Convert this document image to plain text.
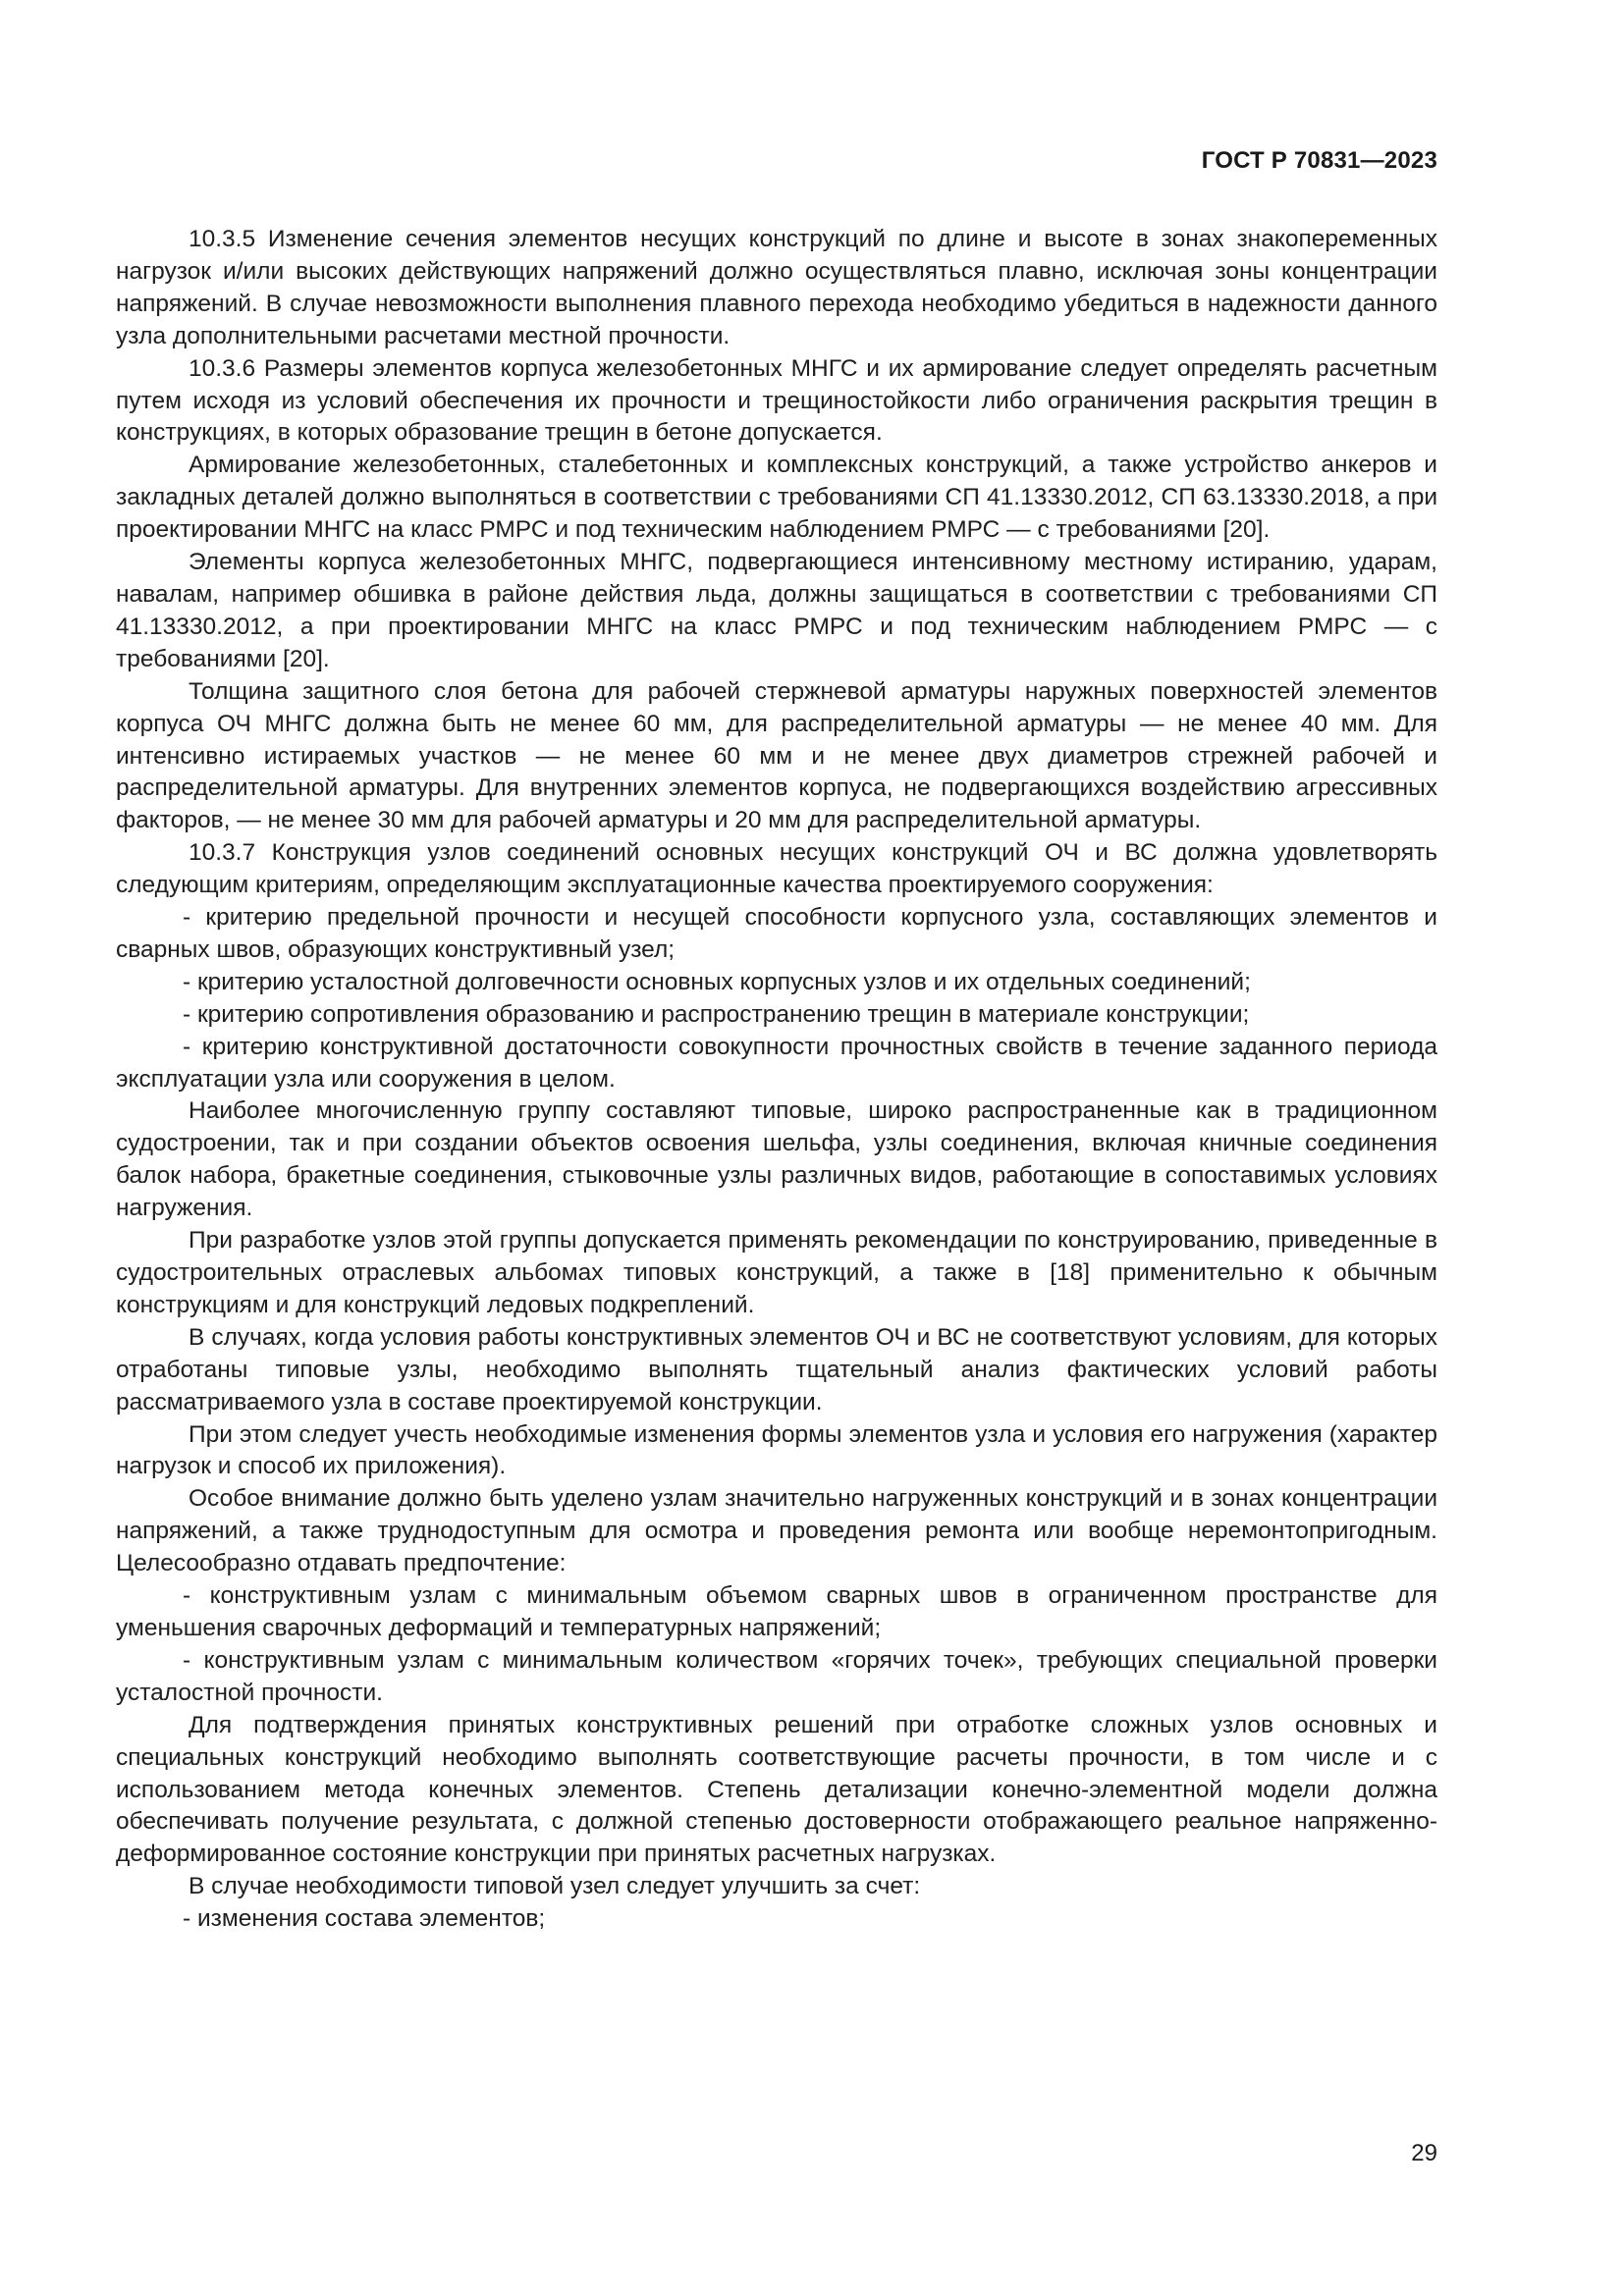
ГОСТ Р 70831—2023

10.3.5 Изменение сечения элементов несущих конструкций по длине и высоте в зонах знакопеременных нагрузок и/или высоких действующих напряжений должно осуществляться плавно, исключая зоны концентрации напряжений. В случае невозможности выполнения плавного перехода необходимо убедиться в надежности данного узла дополнительными расчетами местной прочности.

10.3.6 Размеры элементов корпуса железобетонных МНГС и их армирование следует определять расчетным путем исходя из условий обеспечения их прочности и трещиностойкости либо ограничения раскрытия трещин в конструкциях, в которых образование трещин в бетоне допускается.

Армирование железобетонных, сталебетонных и комплексных конструкций, а также устройство анкеров и закладных деталей должно выполняться в соответствии с требованиями СП 41.13330.2012, СП 63.13330.2018, а при проектировании МНГС на класс РМРС и под техническим наблюдением РМРС — с требованиями [20].

Элементы корпуса железобетонных МНГС, подвергающиеся интенсивному местному истиранию, ударам, навалам, например обшивка в районе действия льда, должны защищаться в соответствии с требованиями СП 41.13330.2012, а при проектировании МНГС на класс РМРС и под техническим наблюдением РМРС — с требованиями [20].

Толщина защитного слоя бетона для рабочей стержневой арматуры наружных поверхностей элементов корпуса ОЧ МНГС должна быть не менее 60 мм, для распределительной арматуры — не менее 40 мм. Для интенсивно истираемых участков — не менее 60 мм и не менее двух диаметров стрежней рабочей и распределительной арматуры. Для внутренних элементов корпуса, не подвергающихся воздействию агрессивных факторов, — не менее 30 мм для рабочей арматуры и 20 мм для распределительной арматуры.

10.3.7 Конструкция узлов соединений основных несущих конструкций ОЧ и ВС должна удовлетворять следующим критериям, определяющим эксплуатационные качества проектируемого сооружения:

- критерию предельной прочности и несущей способности корпусного узла, составляющих элементов и сварных швов, образующих конструктивный узел;

- критерию усталостной долговечности основных корпусных узлов и их отдельных соединений;

- критерию сопротивления образованию и распространению трещин в материале конструкции;

- критерию конструктивной достаточности совокупности прочностных свойств в течение заданного периода эксплуатации узла или сооружения в целом.

Наиболее многочисленную группу составляют типовые, широко распространенные как в традиционном судостроении, так и при создании объектов освоения шельфа, узлы соединения, включая кничные соединения балок набора, бракетные соединения, стыковочные узлы различных видов, работающие в сопоставимых условиях нагружения.

При разработке узлов этой группы допускается применять рекомендации по конструированию, приведенные в судостроительных отраслевых альбомах типовых конструкций, а также в [18] применительно к обычным конструкциям и для конструкций ледовых подкреплений.

В случаях, когда условия работы конструктивных элементов ОЧ и ВС не соответствуют условиям, для которых отработаны типовые узлы, необходимо выполнять тщательный анализ фактических условий работы рассматриваемого узла в составе проектируемой конструкции.

При этом следует учесть необходимые изменения формы элементов узла и условия его нагружения (характер нагрузок и способ их приложения).

Особое внимание должно быть уделено узлам значительно нагруженных конструкций и в зонах концентрации напряжений, а также труднодоступным для осмотра и проведения ремонта или вообще неремонтопригодным. Целесообразно отдавать предпочтение:

- конструктивным узлам с минимальным объемом сварных швов в ограниченном пространстве для уменьшения сварочных деформаций и температурных напряжений;

- конструктивным узлам с минимальным количеством «горячих точек», требующих специальной проверки усталостной прочности.

Для подтверждения принятых конструктивных решений при отработке сложных узлов основных и специальных конструкций необходимо выполнять соответствующие расчеты прочности, в том числе и с использованием метода конечных элементов. Степень детализации конечно-элементной модели должна обеспечивать получение результата, с должной степенью достоверности отображающего реальное напряженно-деформированное состояние конструкции при принятых расчетных нагрузках.

В случае необходимости типовой узел следует улучшить за счет:

- изменения состава элементов;

29
